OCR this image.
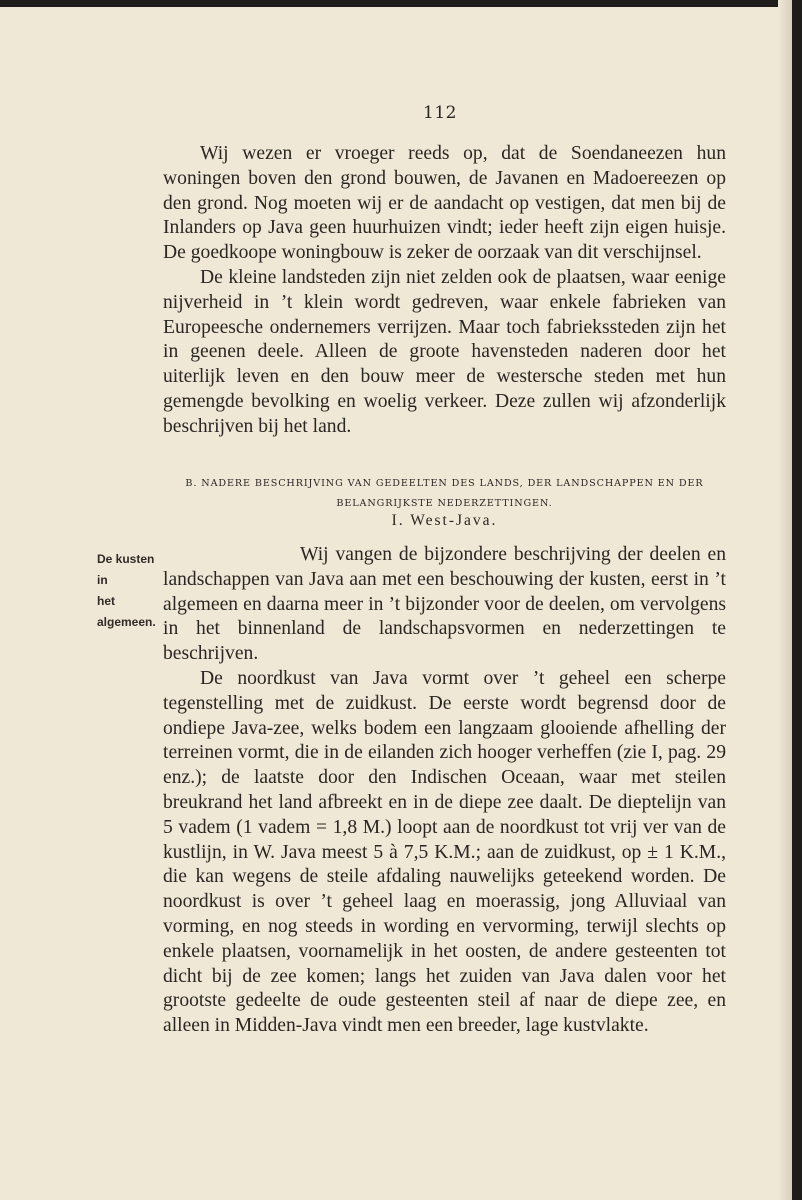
112

Wij wezen er vroeger reeds op, dat de Soendaneezen hun woningen boven den grond bouwen, de Javanen en Madoereezen op den grond. Nog moeten wij er de aandacht op vestigen, dat men bij de Inlanders op Java geen huurhuizen vindt; ieder heeft zijn eigen huisje. De goedkoope woningbouw is zeker de oorzaak van dit verschijnsel.

De kleine landsteden zijn niet zelden ook de plaatsen, waar eenige nijverheid in ’t klein wordt gedreven, waar enkele fabrieken van Europeesche ondernemers verrijzen. Maar toch fabriekssteden zijn het in geenen deele. Alleen de groote havensteden naderen door het uiterlijk leven en den bouw meer de westersche steden met hun gemengde bevolking en woelig verkeer. Deze zullen wij afzonderlijk beschrijven bij het land.

B. NADERE BESCHRIJVING VAN GEDEELTEN DES LANDS, DER LANDSCHAPPEN EN DER
BELANGRIJKSTE NEDERZETTINGEN.
I. West-Java.
De kusten in
het algemeen.

Wij vangen de bijzondere beschrijving der deelen en landschappen van Java aan met een beschouwing der kusten, eerst in ’t algemeen en daarna meer in ’t bijzonder voor de deelen, om vervolgens in het binnenland de landschapsvormen en nederzettingen te beschrijven.

De noordkust van Java vormt over ’t geheel een scherpe tegenstelling met de zuidkust. De eerste wordt begrensd door de ondiepe Java-zee, welks bodem een langzaam glooiende afhelling der terreinen vormt, die in de eilanden zich hooger verheffen (zie I, pag. 29 enz.); de laatste door den Indischen Oceaan, waar met steilen breukrand het land afbreekt en in de diepe zee daalt. De dieptelijn van 5 vadem (1 vadem = 1,8 M.) loopt aan de noordkust tot vrij ver van de kustlijn, in W. Java meest 5 à 7,5 K.M.; aan de zuidkust, op ± 1 K.M., die kan wegens de steile afdaling nauwelijks geteekend worden. De noordkust is over ’t geheel laag en moerassig, jong Alluviaal van vorming, en nog steeds in wording en vervorming, terwijl slechts op enkele plaatsen, voornamelijk in het oosten, de andere gesteenten tot dicht bij de zee komen; langs het zuiden van Java dalen voor het grootste gedeelte de oude gesteenten steil af naar de diepe zee, en alleen in Midden-Java vindt men een breeder, lage kustvlakte.
